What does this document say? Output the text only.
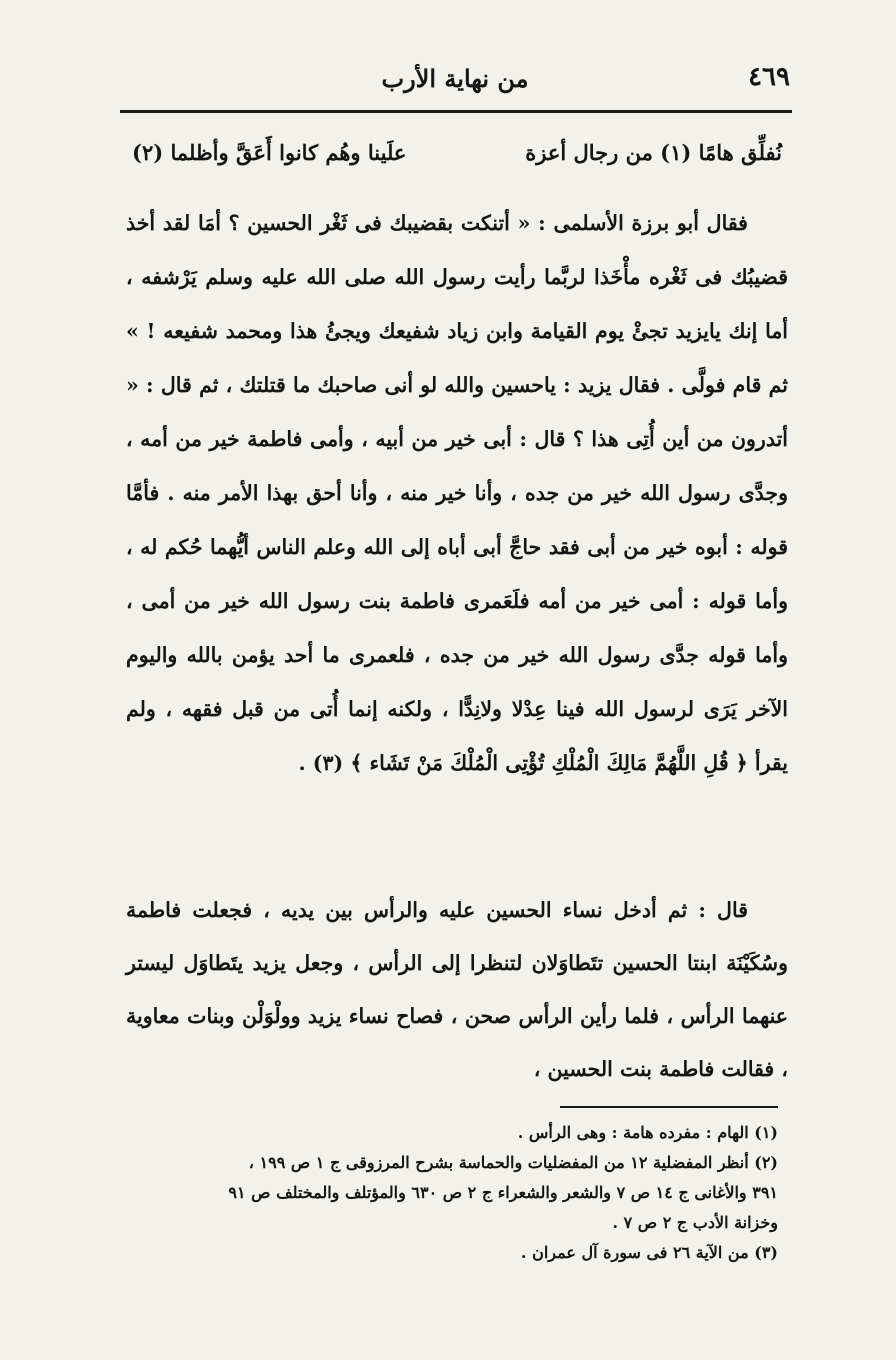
٤٦٩
من نهاية الأرب
نُفلِّق هامًا (١) من رجال أعزة
علَينا وهُم كانوا أَعَقَّ وأظلما (٢)

فقال أبو برزة الأسلمى : « أتنكت بقضيبك فى ثَغْر الحسين ؟ أمَا لقد أخذ قضيبُك فى ثَغْره مأْخَذا لربَّما رأيت رسول الله صلى الله عليه وسلم يَرْشفه ، أما إنك يايزيد تجئْ يوم القيامة وابن زياد شفيعك ويجئُ هذا ومحمد شفيعه ! » ثم قام فولَّى . فقال يزيد : ياحسين والله لو أنى صاحبك ما قتلتك ، ثم قال : « أتدرون من أين أُتِى هذا ؟ قال : أبى خير من أبيه ، وأمى فاطمة خير من أمه ، وجدَّى رسول الله خير من جده ، وأنا خير منه ، وأنا أحق بهذا الأمر منه . فأمَّا قوله : أبوه خير من أبى فقد حاجَّ أبى أباه إلى الله وعلم الناس أيُّهما حُكم له ، وأما قوله : أمى خير من أمه فلَعَمرى فاطمة بنت رسول الله خير من أمى ، وأما قوله جدَّى رسول الله خير من جده ، فلعمرى ما أحد يؤمن بالله واليوم الآخر يَرَى لرسول الله فينا عِدْلا ولانِدًّا ، ولكنه إنما أُتى من قبل فقهه ، ولم يقرأ ﴿ قُلِ اللَّهُمَّ مَالِكَ الْمُلْكِ تُؤْتِى الْمُلْكَ مَنْ تَشَاء ﴾ (٣) .

قال : ثم أدخل نساء الحسين عليه والرأس بين يديه ، فجعلت فاطمة وسُكَيْنَة ابنتا الحسين تتَطاوَلان لتنظرا إلى الرأس ، وجعل يزيد يتَطاوَل ليستر عنهما الرأس ، فلما رأين الرأس صحن ، فصاح نساء يزيد وولْوَلْن وبنات معاوية ، فقالت فاطمة بنت الحسين ،

(١) الهام : مفرده هامة : وهى الرأس .

(٢) أنظر المفضلية ١٢ من المفضليات والحماسة بشرح المرزوقى ج ١ ص ١٩٩ ،

٣٩١ والأغانى ج ١٤ ص ٧ والشعر والشعراء ج ٢ ص ٦٣٠ والمؤتلف والمختلف ص ٩١

وخزانة الأدب ج ٢ ص ٧ .

(٣) من الآية ٢٦ فى سورة آل عمران .
